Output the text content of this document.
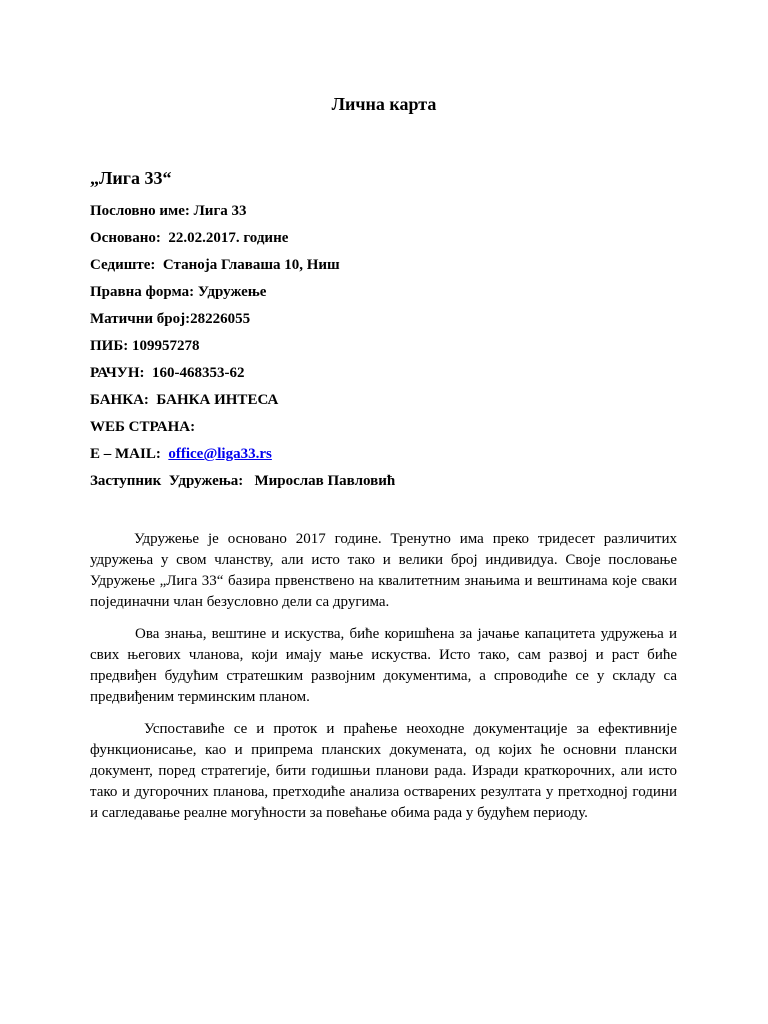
Лична карта
„Лига 33“
Пословно име: Лига 33
Основано:  22.02.2017. године
Седиште:  Станоја Главаша 10, Ниш
Правна форма: Удружење
Матични број:28226055
ПИБ: 109957278
РАЧУН:  160-468353-62
БАНКА:  БАНКА ИНТЕСА
WEБ СТРАНА:
E – MAIL:  office@liga33.rs
Заступник  Удружења:   Мирослав Павловић

Удружење је основано 2017 године. Тренутно има преко тридесет различитих удружења у свом чланству, али исто тако и велики број индивидуа. Своје пословање Удружење „Лига 33“ базира првенствено на квалитетним знањима и вештинама које сваки појединачни члан безусловно дели са другима.

Ова знања, вештине и искуства, биће коришћена за јачање капацитета удружења и свих његових чланова, који имају мање искуства. Исто тако, сам развој и раст биће предвиђен будућим стратешким развојним документима, а спроводиће се у складу са предвиђеним терминским планом.

Успоставиће се и проток и праћење неоходне документације за ефективније функционисање, као и припрема планских докумената, од којих ће основни плански документ, поред стратегије, бити годишњи планови рада. Изради краткорочних, али исто тако и дугорочних планова, претходиће анализа остварених резултата у претходној години и сагледавање реалне могућности за повећање обима рада у будућем периоду.
